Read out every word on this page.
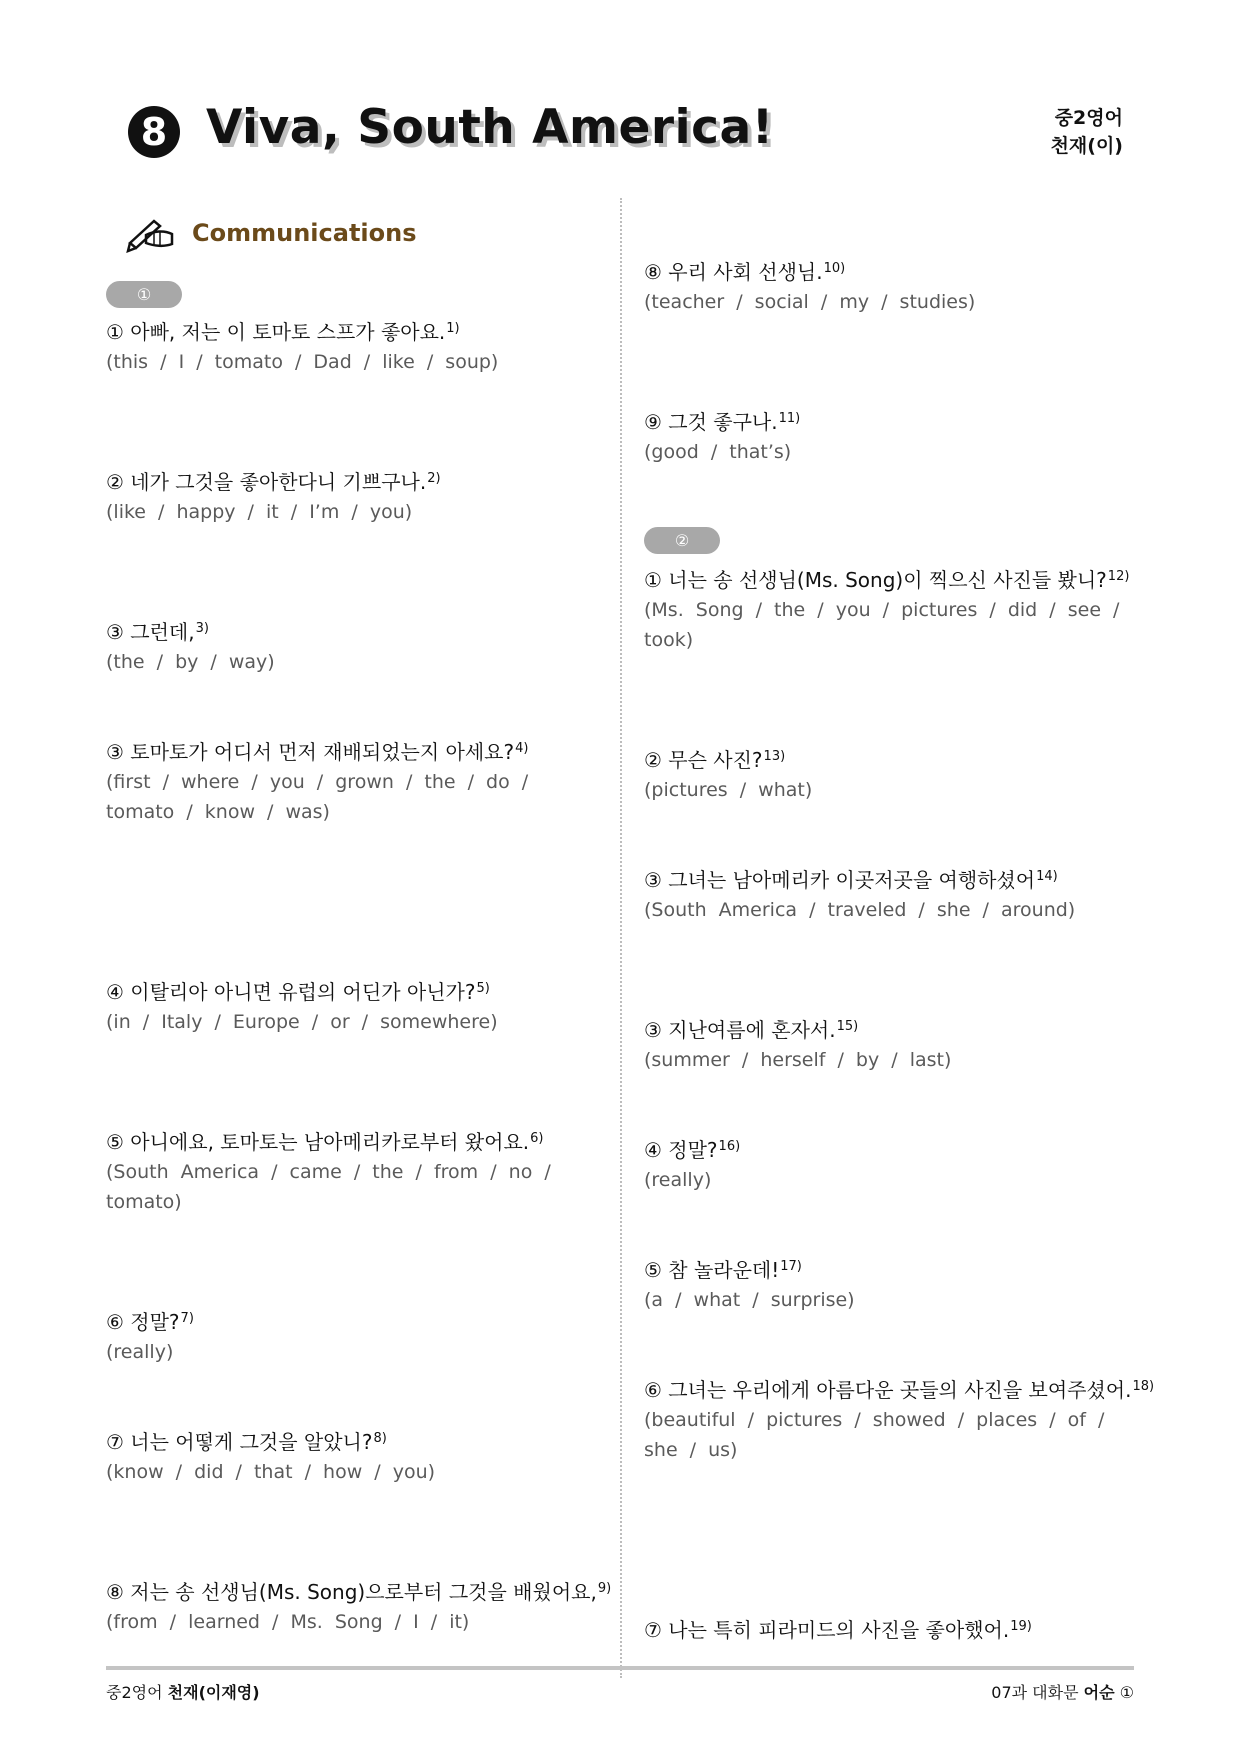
8 Viva, South America!	중2영어
천재(이)
Communications
①
① 아빠, 저는 이 토마토 스프가 좋아요.$^{1)}$
(this / I / tomato / Dad / like / soup)
② 네가 그것을 좋아한다니 기쁘구나.$^{2)}$
(like / happy / it / I’m / you)
③ 그런데,$^{3)}$
(the / by / way)
③ 토마토가 어디서 먼저 재배되었는지 아세요?$^{4)}$
(first / where / you / grown / the / do / tomato / know / was)
④ 이탈리아 아니면 유럽의 어딘가 아닌가?$^{5)}$
(in / Italy / Europe / or / somewhere)
⑤ 아니에요, 토마토는 남아메리카로부터 왔어요.$^{6)}$
(South America / came / the / from / no / tomato)
⑥ 정말?$^{7)}$
(really)
⑦ 너는 어떻게 그것을 알았니?$^{8)}$
(know / did / that / how / you)
⑧ 저는 송 선생님(Ms. Song)으로부터 그것을 배웠어요,$^{9)}$
(from / learned / Ms. Song / I / it)
⑧ 우리 사회 선생님.$^{10)}$
(teacher / social / my / studies)
⑨ 그것 좋구나.$^{11)}$
(good / that’s)
②
① 너는 송 선생님(Ms. Song)이 찍으신 사진들 봤니?$^{12)}$
(Ms. Song / the / you / pictures / did / see / took)
② 무슨 사진?$^{13)}$
(pictures / what)
③ 그녀는 남아메리카 이곳저곳을 여행하셨어$^{14)}$
(South America / traveled / she / around)
③ 지난여름에 혼자서.$^{15)}$
(summer / herself / by / last)
④ 정말?$^{16)}$
(really)
⑤ 참 놀라운데!$^{17)}$
(a / what / surprise)
⑥ 그녀는 우리에게 아름다운 곳들의 사진을 보여주셨어.$^{18)}$
(beautiful / pictures / showed / places / of / she / us)
⑦ 나는 특히 피라미드의 사진을 좋아했어.$^{19)}$
중2영어 천재(이재영)	07과 대화문 어순 ①
